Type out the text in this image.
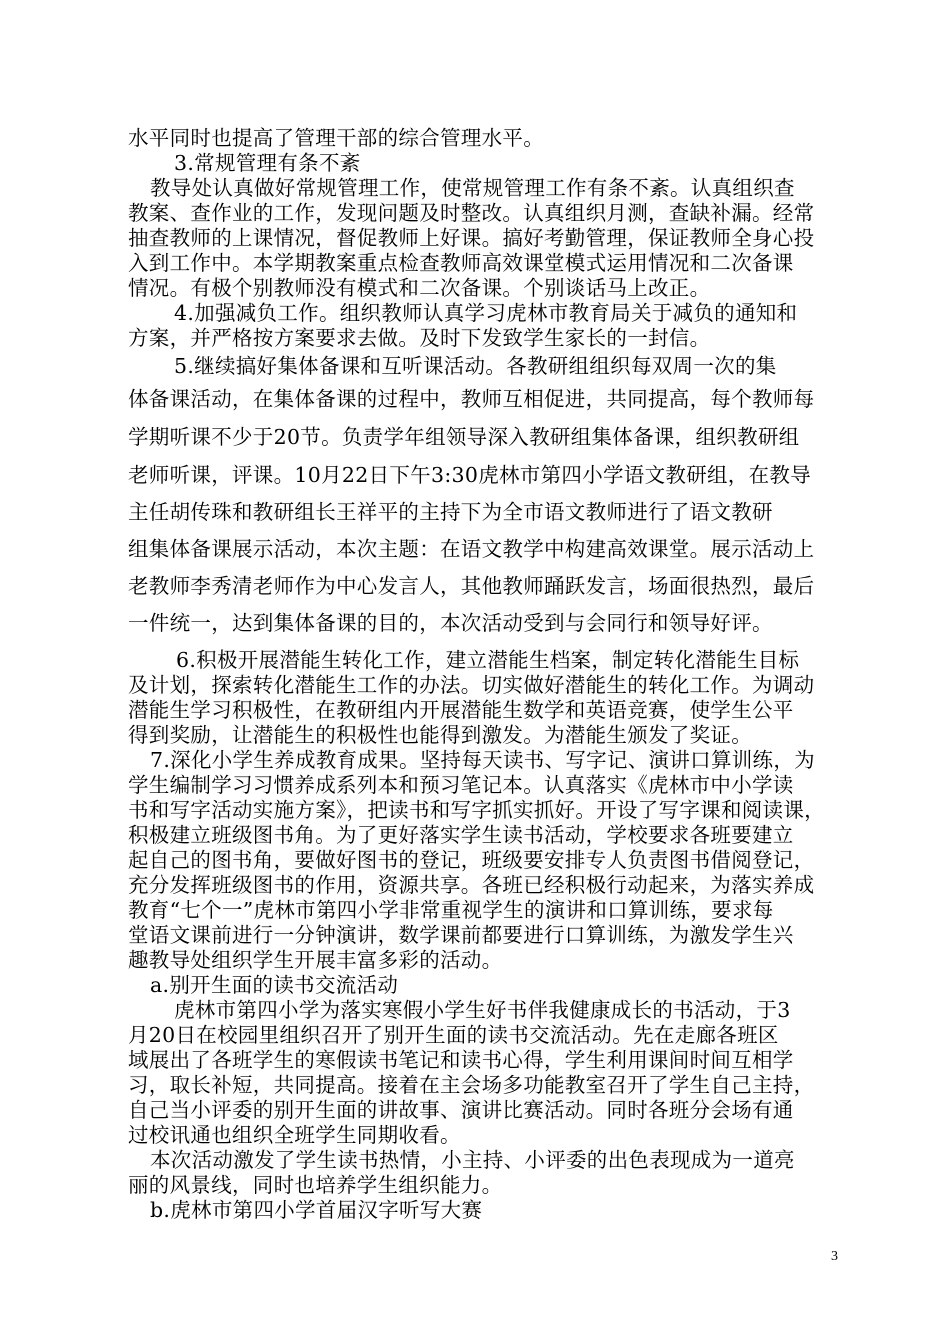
水平同时也提高了管理干部的综合管理水平。
3.常规管理有条不紊
教导处认真做好常规管理工作，使常规管理工作有条不紊。认真组织查
教案、查作业的工作，发现问题及时整改。认真组织月测，查缺补漏。经常
抽查教师的上课情况，督促教师上好课。搞好考勤管理，保证教师全身心投
入到工作中。本学期教案重点检查教师高效课堂模式运用情况和二次备课
情况。有极个别教师没有模式和二次备课。个别谈话马上改正。
4.加强减负工作。组织教师认真学习虎林市教育局关于减负的通知和
方案，并严格按方案要求去做。及时下发致学生家长的一封信。
5.继续搞好集体备课和互听课活动。各教研组组织每双周一次的集
体备课活动，在集体备课的过程中，教师互相促进，共同提高，每个教师每
学期听课不少于20节。负责学年组领导深入教研组集体备课，组织教研组
老师听课，评课。10月22日下午3:30虎林市第四小学语文教研组，在教导
主任胡传珠和教研组长王祥平的主持下为全市语文教师进行了语文教研
组集体备课展示活动，本次主题：在语文教学中构建高效课堂。展示活动上
老教师李秀清老师作为中心发言人，其他教师踊跃发言，场面很热烈，最后
一件统一，达到集体备课的目的，本次活动受到与会同行和领导好评。
6.积极开展潜能生转化工作，建立潜能生档案，制定转化潜能生目标
及计划，探索转化潜能生工作的办法。切实做好潜能生的转化工作。为调动
潜能生学习积极性，在教研组内开展潜能生数学和英语竞赛，使学生公平
得到奖励，让潜能生的积极性也能得到激发。为潜能生颁发了奖证。
7.深化小学生养成教育成果。坚持每天读书、写字记、演讲口算训练，为
学生编制学习习惯养成系列本和预习笔记本。认真落实《虎林市中小学读
书和写字活动实施方案》，把读书和写字抓实抓好。开设了写字课和阅读课，
积极建立班级图书角。为了更好落实学生读书活动，学校要求各班要建立
起自己的图书角，要做好图书的登记，班级要安排专人负责图书借阅登记，
充分发挥班级图书的作用，资源共享。各班已经积极行动起来，为落实养成
教育“七个一”虎林市第四小学非常重视学生的演讲和口算训练，要求每
堂语文课前进行一分钟演讲，数学课前都要进行口算训练，为激发学生兴
趣教导处组织学生开展丰富多彩的活动。
a.别开生面的读书交流活动
虎林市第四小学为落实寒假小学生好书伴我健康成长的书活动，于3
月20日在校园里组织召开了别开生面的读书交流活动。先在走廊各班区
域展出了各班学生的寒假读书笔记和读书心得，学生利用课间时间互相学
习，取长补短，共同提高。接着在主会场多功能教室召开了学生自己主持，
自己当小评委的别开生面的讲故事、演讲比赛活动。同时各班分会场有通
过校讯通也组织全班学生同期收看。
本次活动激发了学生读书热情，小主持、小评委的出色表现成为一道亮
丽的风景线，同时也培养学生组织能力。
b.虎林市第四小学首届汉字听写大赛
3
